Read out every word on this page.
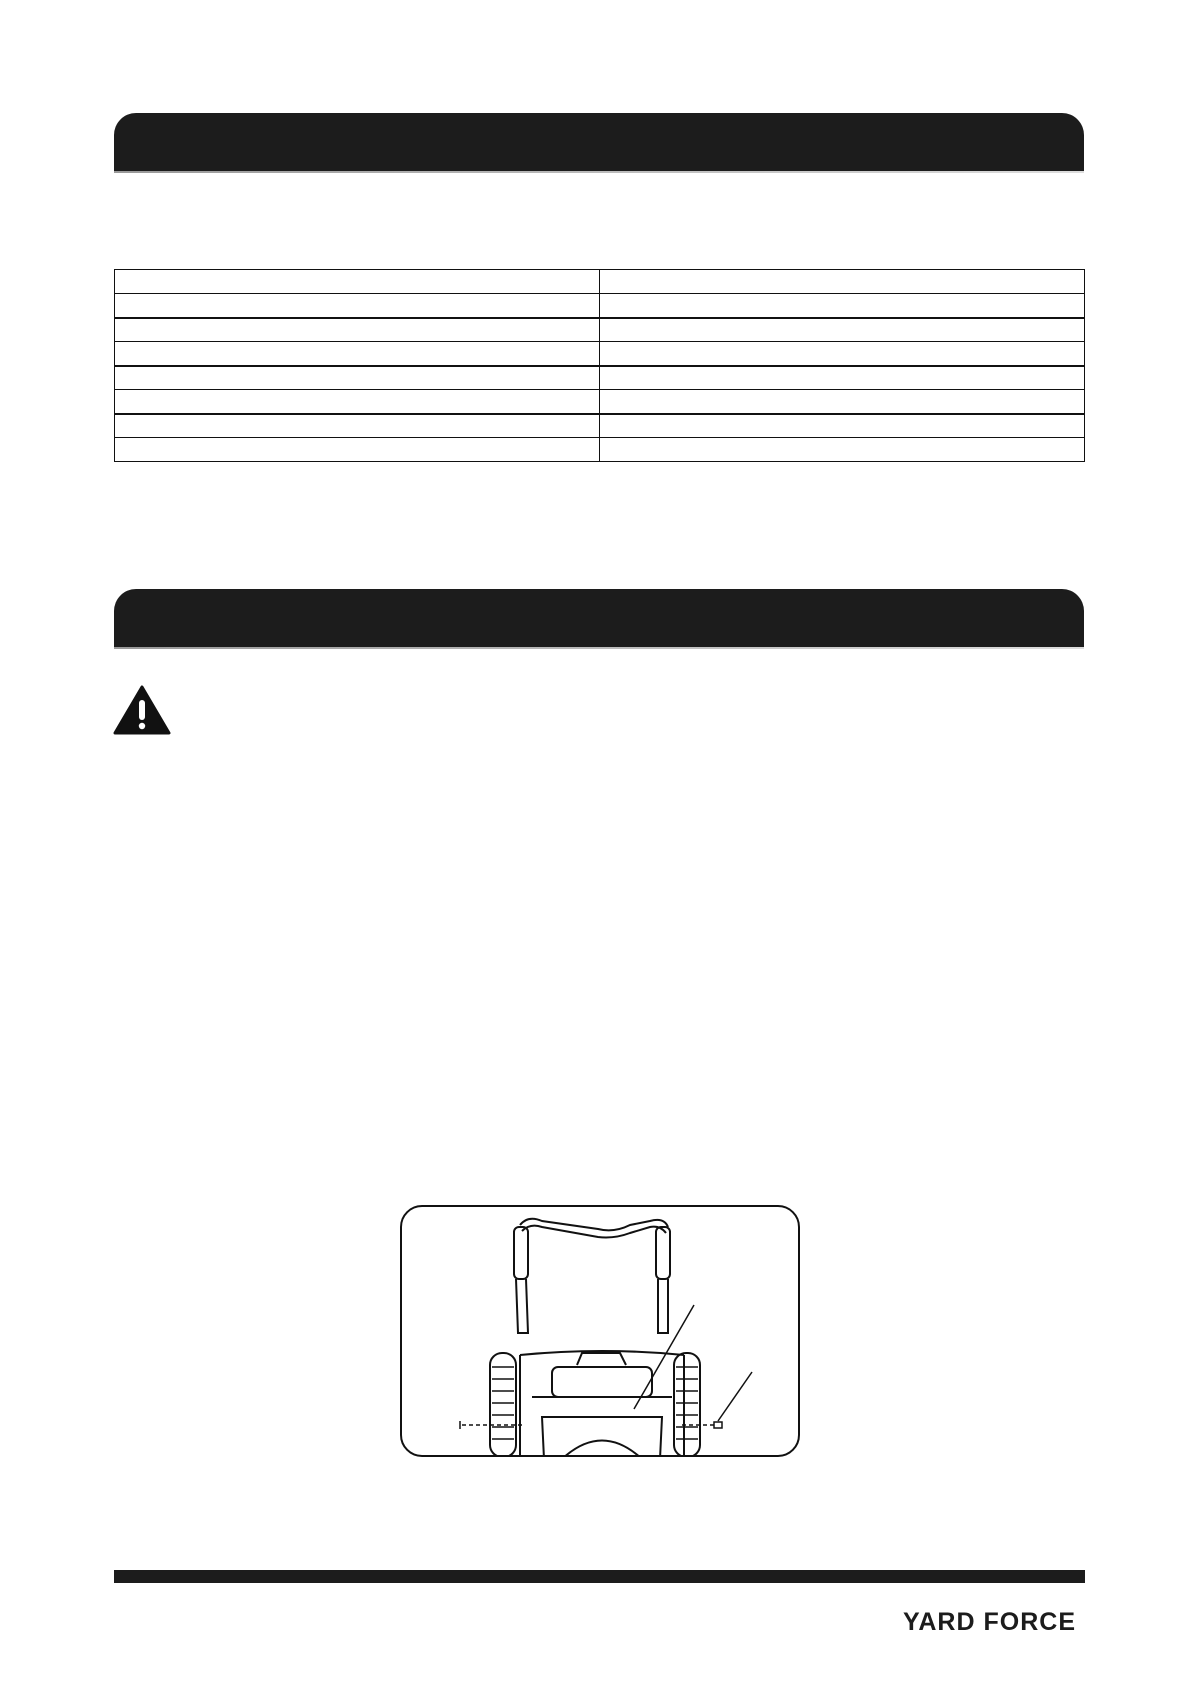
YARD FORCE
